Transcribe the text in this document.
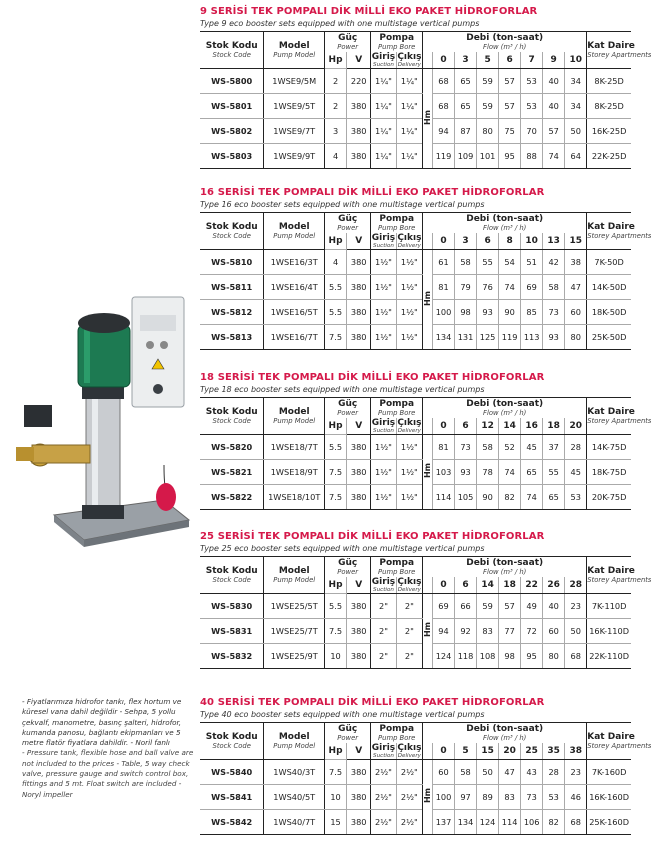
- Fiyatlarımıza hidrofor tankı, flex hortum ve küresel vana dahil değildir - Sehpa, 5 yollu çekvalf, manometre, basınç şalteri, hidrofor, kumanda panosu, bağlantı ekipmanları ve 5 metre flatör fiyatlara dahildir. - Noril fanlı
- Pressure tank, flexible hose and ball valve are not included to the prices - Table, 5 way check valve, pressure gauge and switch control box, fittings and 5 mt. Float switch are included - Noryl impeller
9 SERİSİ TEK POMPALI DİK MİLLİ EKO PAKET HİDROFORLAR
Type 9 eco booster sets equipped with one multistage vertical pumps
Stok Kodu
Stock Code	Model
Pump Model	Güç
Power		Pompa
Pump Bore		Debi (ton-saat)
Flow (m³ / h)								Kat Daire
Storey Apartments

		Hp	V	Giriş
Suction	Çıkış
Delivery		0	3	5	6	7	9	10	

WS-5800	1WSE9/5M	2	220	1¼"	1¼"	Hm	68	65	59	57	53	40	34	8K-25D
WS-5801	1WSE9/5T	2	380	1¼"	1¼"		68	65	59	57	53	40	34	8K-25D
WS-5802	1WSE9/7T	3	380	1¼"	1¼"		94	87	80	75	70	57	50	16K-25D
WS-5803	1WSE9/9T	4	380	1¼"	1¼"		119	109	101	95	88	74	64	22K-25D
16 SERİSİ TEK POMPALI DİK MİLLİ EKO PAKET HİDROFORLAR
Type 16 eco booster sets equipped with one multistage vertical pumps
Stok Kodu
Stock Code	Model
Pump Model	Güç
Power		Pompa
Pump Bore		Debi (ton-saat)
Flow (m³ / h)								Kat Daire
Storey Apartments

		Hp	V	Giriş
Suction	Çıkış
Delivery		0	3	6	8	10	13	15	

WS-5810	1WSE16/3T	4	380	1½"	1½"	Hm	61	58	55	54	51	42	38	7K-50D
WS-5811	1WSE16/4T	5.5	380	1½"	1½"		81	79	76	74	69	58	47	14K-50D
WS-5812	1WSE16/5T	5.5	380	1½"	1½"		100	98	93	90	85	73	60	18K-50D
WS-5813	1WSE16/7T	7.5	380	1½"	1½"		134	131	125	119	113	93	80	25K-50D
18 SERİSİ TEK POMPALI DİK MİLLİ EKO PAKET HİDROFORLAR
Type 18 eco booster sets equipped with one multistage vertical pumps
Stok Kodu
Stock Code	Model
Pump Model	Güç
Power		Pompa
Pump Bore		Debi (ton-saat)
Flow (m³ / h)								Kat Daire
Storey Apartments

		Hp	V	Giriş
Suction	Çıkış
Delivery		0	6	12	14	16	18	20	

WS-5820	1WSE18/7T	5.5	380	1½"	1½"	Hm	81	73	58	52	45	37	28	14K-75D
WS-5821	1WSE18/9T	7.5	380	1½"	1½"		103	93	78	74	65	55	45	18K-75D
WS-5822	1WSE18/10T	7.5	380	1½"	1½"		114	105	90	82	74	65	53	20K-75D
25 SERİSİ TEK POMPALI DİK MİLLİ EKO PAKET HİDROFORLAR
Type 25 eco booster sets equipped with one multistage vertical pumps
Stok Kodu
Stock Code	Model
Pump Model	Güç
Power		Pompa
Pump Bore		Debi (ton-saat)
Flow (m³ / h)								Kat Daire
Storey Apartments

		Hp	V	Giriş
Suction	Çıkış
Delivery		0	6	14	18	22	26	28	

WS-5830	1WSE25/5T	5.5	380	2"	2"	Hm	69	66	59	57	49	40	23	7K-110D
WS-5831	1WSE25/7T	7.5	380	2"	2"		94	92	83	77	72	60	50	16K-110D
WS-5832	1WSE25/9T	10	380	2"	2"		124	118	108	98	95	80	68	22K-110D
40 SERİSİ TEK POMPALI DİK MİLLİ EKO PAKET HİDROFORLAR
Type 40 eco booster sets equipped with one multistage vertical pumps
Stok Kodu
Stock Code	Model
Pump Model	Güç
Power		Pompa
Pump Bore		Debi (ton-saat)
Flow (m³ / h)								Kat Daire
Storey Apartments

		Hp	V	Giriş
Suction	Çıkış
Delivery		0	5	15	20	25	35	38	

WS-5840	1WS40/3T	7.5	380	2½"	2½"	Hm	60	58	50	47	43	28	23	7K-160D
WS-5841	1WS40/5T	10	380	2½"	2½"		100	97	89	83	73	53	46	16K-160D
WS-5842	1WS40/7T	15	380	2½"	2½"		137	134	124	114	106	82	68	25K-160D
